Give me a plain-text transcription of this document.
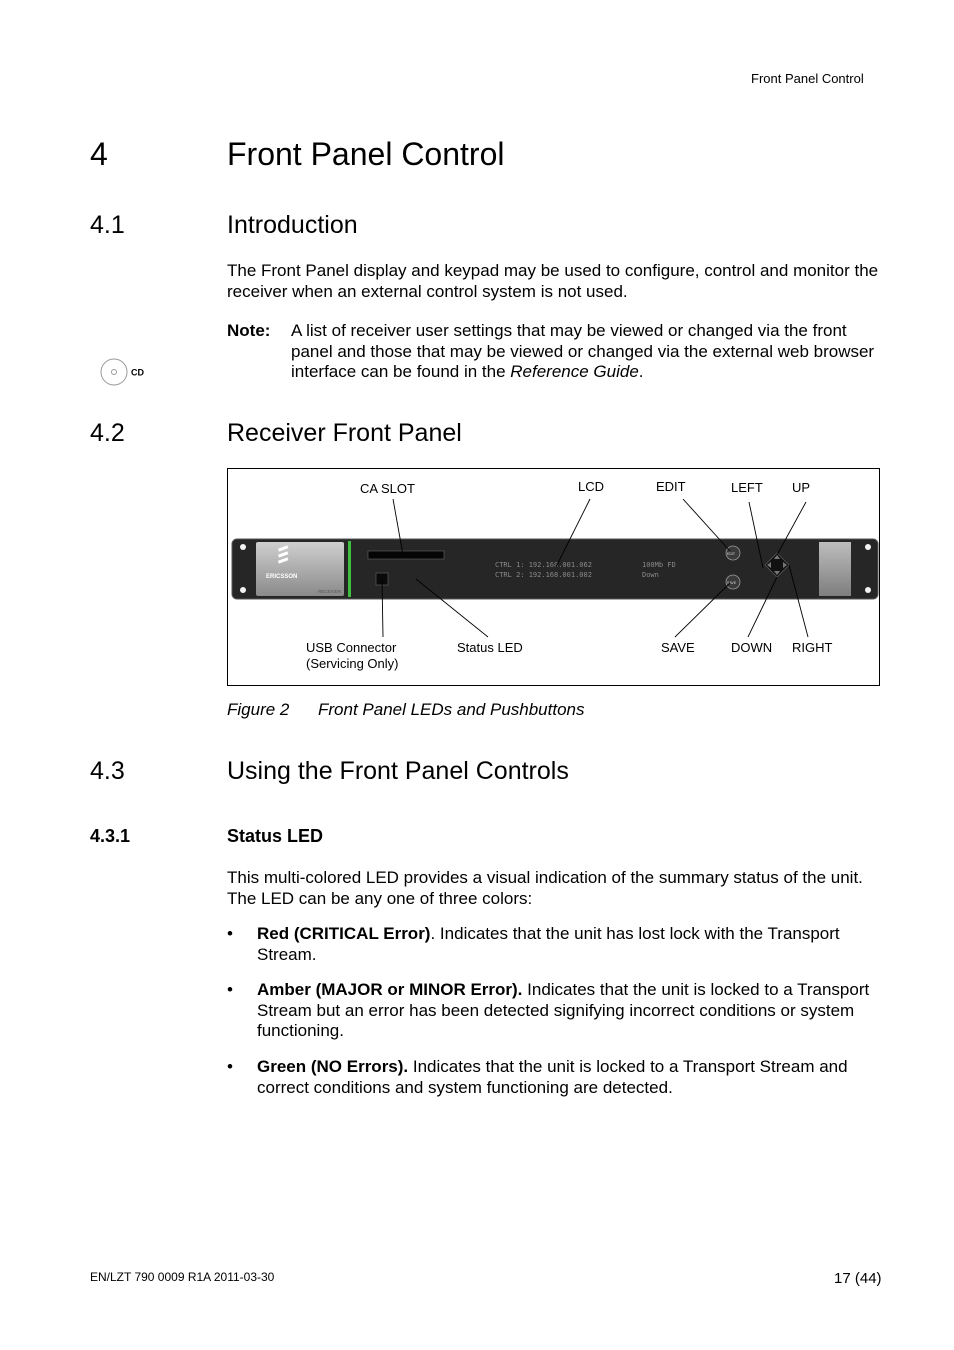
Front Panel Control
4	Front Panel Control
4.1	Introduction
The Front Panel display and keypad may be used to configure, control and monitor the receiver when an external control system is not used.
Note: A list of receiver user settings that may be viewed or changed via the front panel and those that may be viewed or changed via the external web browser interface can be found in the Reference Guide.
CD
4.2	Receiver Front Panel
CA SLOT	LCD	EDIT	LEFT UP
USB Connector
(Servicing Only)
Status LED	SAVE	DOWN RIGHT
ERICSSON
RECEIVER
CTRL 1: 192.168.001.062
CTRL 2: 192.168.001.002
100Mb FD
Down
EDIT
SAVE
Figure 2 Front Panel LEDs and Pushbuttons
4.3	Using the Front Panel Controls
4.3.1	Status LED
This multi-colored LED provides a visual indication of the summary status of the unit. The LED can be any one of three colors:
• Red (CRITICAL Error). Indicates that the unit has lost lock with the Transport Stream.
• Amber (MAJOR or MINOR Error). Indicates that the unit is locked to a Transport Stream but an error has been detected signifying incorrect conditions or system functioning.
• Green (NO Errors). Indicates that the unit is locked to a Transport Stream and correct conditions and system functioning are detected.
EN/LZT 790 0009 R1A 2011-03-30	17 (44)
